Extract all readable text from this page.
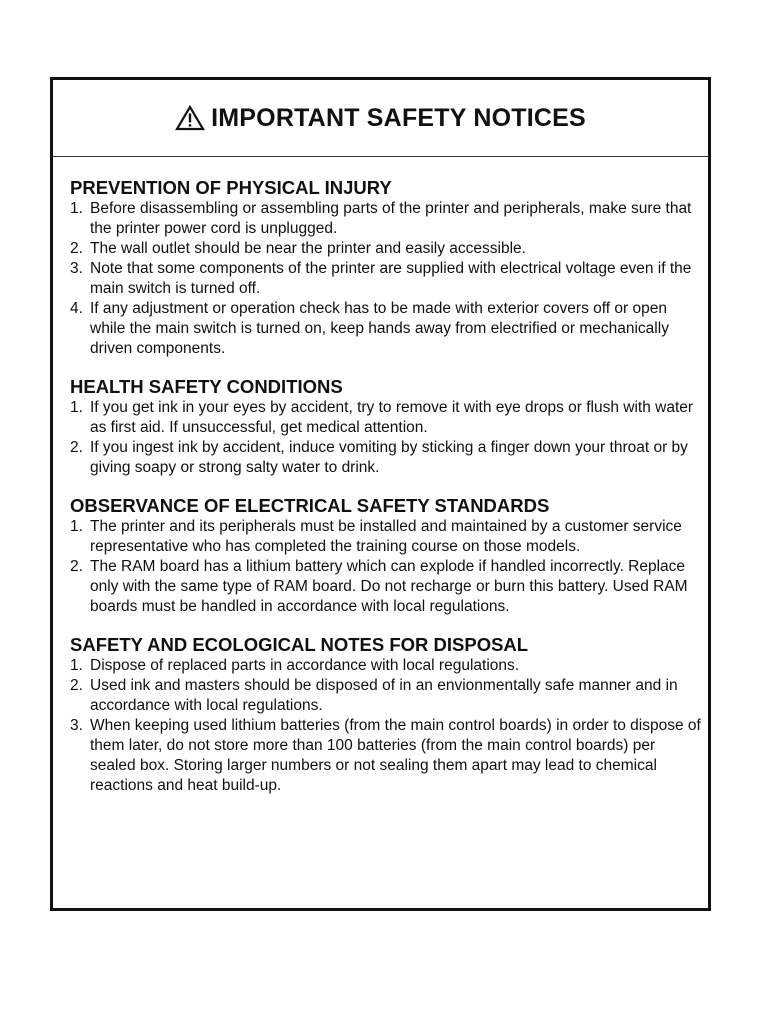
IMPORTANT SAFETY NOTICES
PREVENTION OF PHYSICAL INJURY
1. Before disassembling or assembling parts of the printer and peripherals, make sure that the printer power cord is unplugged.
2. The wall outlet should be near the printer and easily accessible.
3. Note that some components of the printer are supplied with electrical voltage even if the main switch is turned off.
4. If any adjustment or operation check has to be made with exterior covers off or open while the main switch is turned on, keep hands away from electrified or mechanically driven components.
HEALTH SAFETY CONDITIONS
1. If you get ink in your eyes by accident, try to remove it with eye drops or flush with water as first aid. If unsuccessful, get medical attention.
2. If you ingest ink by accident, induce vomiting by sticking a finger down your throat or by giving soapy or strong salty water to drink.
OBSERVANCE OF ELECTRICAL SAFETY STANDARDS
1. The printer and its peripherals must be installed and maintained by a customer service representative who has completed the training course on those models.
2. The RAM board has a lithium battery which can explode if handled incorrectly. Replace only with the same type of RAM board. Do not recharge or burn this battery. Used RAM boards must be handled in accordance with local regulations.
SAFETY AND ECOLOGICAL NOTES FOR DISPOSAL
1. Dispose of replaced parts in accordance with local regulations.
2. Used ink and masters should be disposed of in an envionmentally safe manner and in accordance with local regulations.
3. When keeping used lithium batteries (from the main control boards) in order to dispose of them later, do not store more than 100 batteries (from the main control boards) per sealed box. Storing larger numbers or not sealing them apart may lead to chemical reactions and heat build-up.
